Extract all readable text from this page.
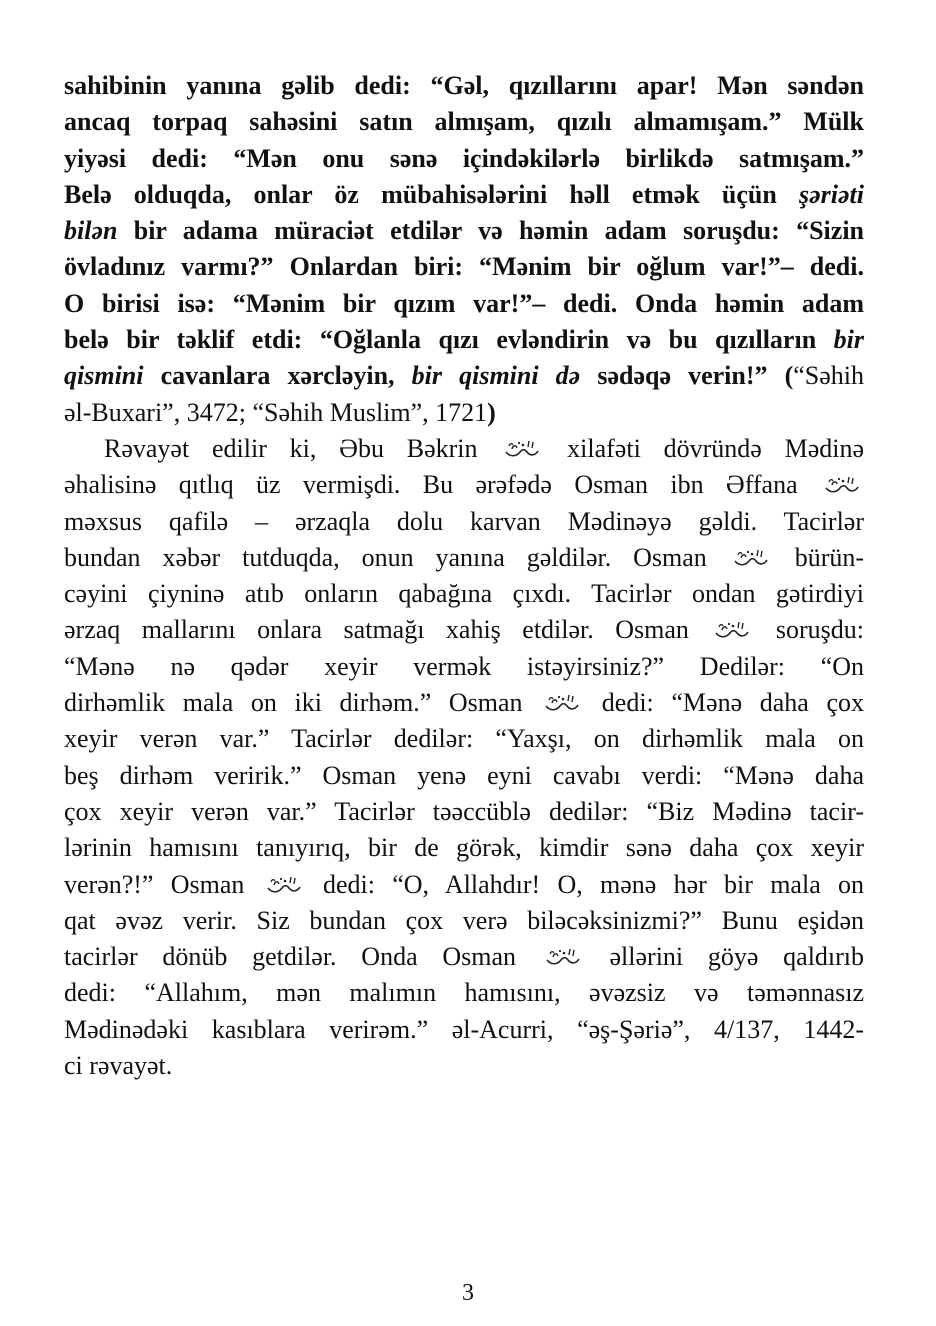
sahibinin yanına gəlib dedi: “Gəl, qızıllarını apar! Mən səndən
ancaq torpaq sahəsini satın almışam, qızılı almamışam.” Mülk
yiyəsi dedi: “Mən onu sənə içindəkilərlə birlikdə satmışam.”
Belə olduqda, onlar öz mübahisələrini həll etmək üçün şəriəti
bilən bir adama müraciət etdilər və həmin adam soruşdu: “Sizin
övladınız varmı?” Onlardan biri: “Mənim bir oğlum var!”– dedi.
O birisi isə: “Mənim bir qızım var!”– dedi. Onda həmin adam
belə bir təklif etdi: “Oğlanla qızı evləndirin və bu qızılların bir
qismini cavanlara xərcləyin, bir qismini də sədəqə verin!” (“Səhih
əl-Buxari”, 3472; “Səhih Muslim”, 1721)
Rəvayət edilir ki, Əbu Bəkrin	xilafəti dövründə Mədinə
əhalisinə qıtlıq üz vermişdi. Bu ərəfədə Osman ibn Əffana
məxsus qafilə – ərzaqla dolu karvan Mədinəyə gəldi. Tacirlər
bundan xəbər tutduqda, onun yanına gəldilər. Osman	bürün-
cəyini çiyninə atıb onların qabağına çıxdı. Tacirlər ondan gətirdiyi
ərzaq mallarını onlara satmağı xahiş etdilər. Osman	soruşdu:
“Mənə nə qədər xeyir vermək istəyirsiniz?” Dedilər: “On
dirhəmlik mala on iki dirhəm.” Osman	dedi: “Mənə daha çox
xeyir verən var.” Tacirlər dedilər: “Yaxşı, on dirhəmlik mala on
beş dirhəm veririk.” Osman yenə eyni cavabı verdi: “Mənə daha
çox xeyir verən var.” Tacirlər təəccüblə dedilər: “Biz Mədinə tacir-
lərinin hamısını tanıyırıq, bir de görək, kimdir sənə daha çox xeyir
verən?!” Osman	dedi: “O, Allahdır! O, mənə hər bir mala on
qat əvəz verir. Siz bundan çox verə biləcəksinizmi?” Bunu eşidən
tacirlər dönüb getdilər. Onda Osman	əllərini göyə qaldırıb
dedi: “Allahım, mən malımın hamısını, əvəzsiz və təmənnasız
Mədinədəki kasıblara verirəm.” əl-Acurri, “əş-Şəriə”, 4/137, 1442-
ci rəvayət.
3
